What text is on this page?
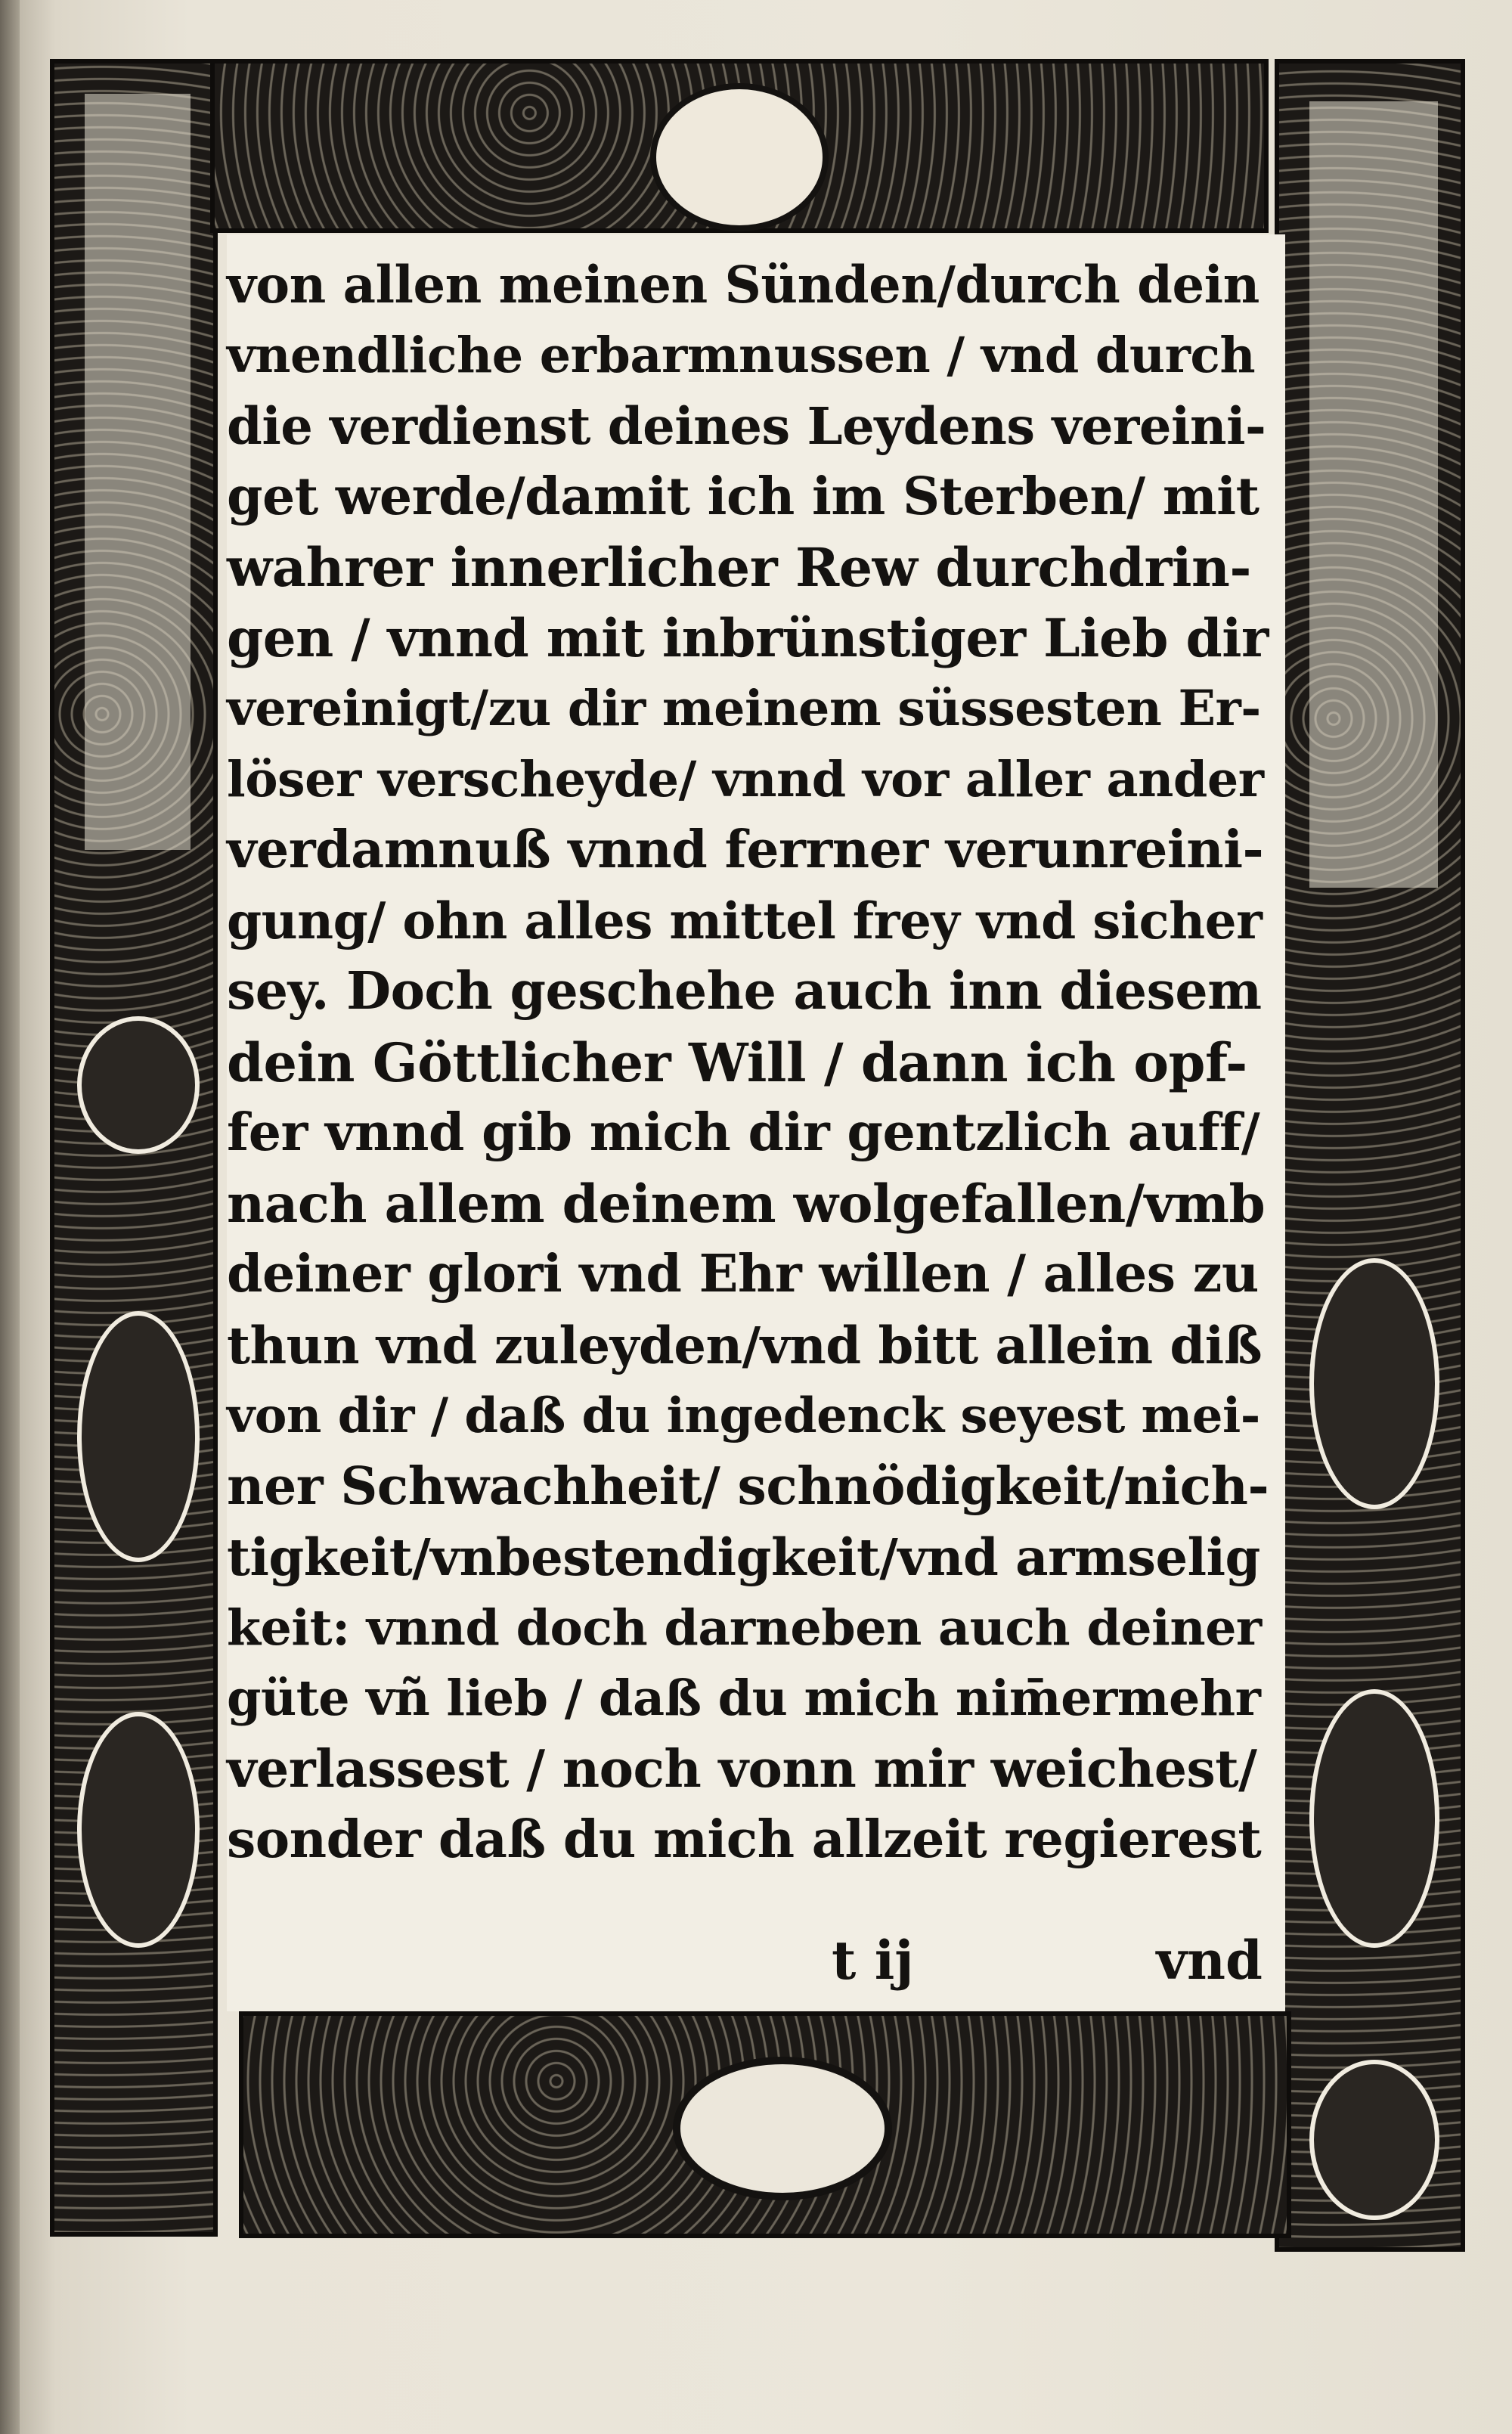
von allen meinen Sünden/durch dein
vnendliche erbarmnussen / vnd durch
die verdienst deines Leydens vereini-
get werde/damit ich im Sterben/ mit
wahrer innerlicher Rew durchdrin-
gen / vnnd mit inbrünstiger Lieb dir
vereinigt/zu dir meinem süssesten Er-
löser verscheyde/ vnnd vor aller ander
verdamnuß vnnd ferrner verunreini-
gung/ ohn alles mittel frey vnd sicher
sey. Doch geschehe auch inn diesem
dein Göttlicher Will / dann ich opf-
fer vnnd gib mich dir gentzlich auff/
nach allem deinem wolgefallen/vmb
deiner glori vnd Ehr willen / alles zu
thun vnd zuleyden/vnd bitt allein diß
von dir / daß du ingedenck seyest mei-
ner Schwachheit/ schnödigkeit/nich-
tigkeit/vnbestendigkeit/vnd armselig
keit: vnnd doch darneben auch deiner
güte vñ lieb / daß du mich nim̄ermehr
verlassest / noch vonn mir weichest/
sonder daß du mich allzeit regierest
t ij	vnd
